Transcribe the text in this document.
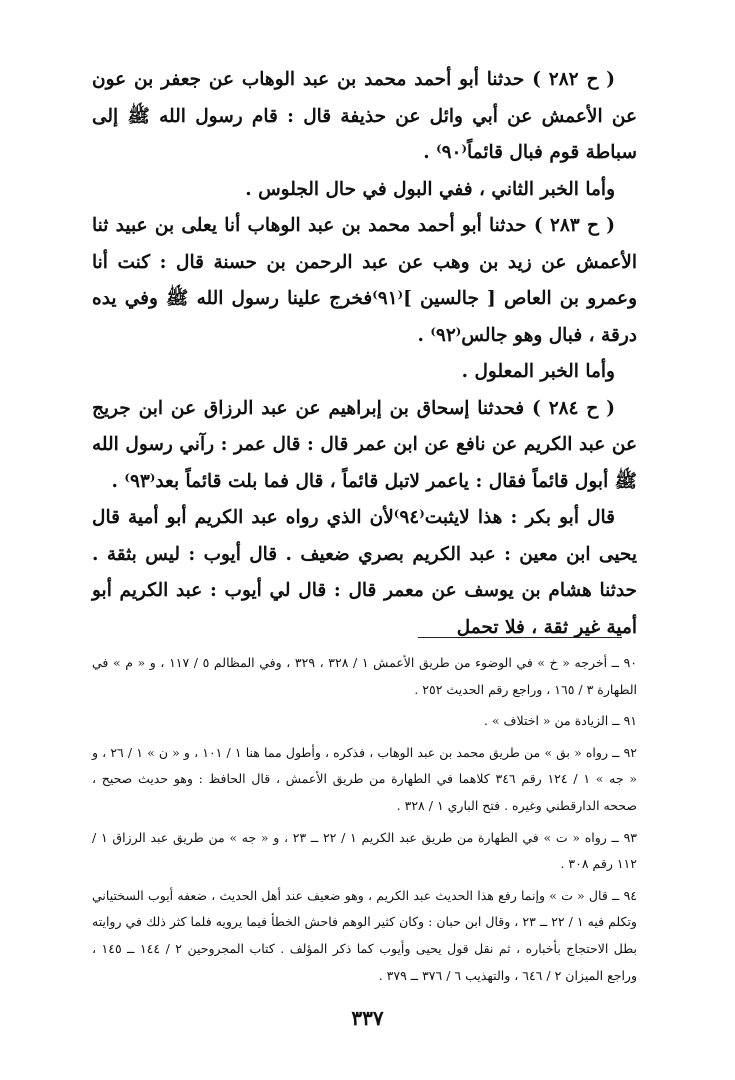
( ح ٢٨٢ ) حدثنا أبو أحمد محمد بن عبد الوهاب عن جعفر بن عون عن الأعمش عن أبي وائل عن حذيفة قال : قام رسول الله ﷺ إلى سباطة قوم فبال قائماً⁽٩٠⁾ .

وأما الخبر الثاني ، ففي البول في حال الجلوس .

( ح ٢٨٣ ) حدثنا أبو أحمد محمد بن عبد الوهاب أنا يعلى بن عبيد ثنا الأعمش عن زيد بن وهب عن عبد الرحمن بن حسنة قال : كنت أنا وعمرو بن العاص [ جالسين ]⁽٩١⁾فخرج علينا رسول الله ﷺ وفي يده درقة ، فبال وهو جالس⁽٩٢⁾ .

وأما الخبر المعلول .

( ح ٢٨٤ ) فحدثنا إسحاق بن إبراهيم عن عبد الرزاق عن ابن جريج عن عبد الكريم عن نافع عن ابن عمر قال : قال عمر : رآني رسول الله ﷺ أبول قائماً فقال : ياعمر لاتبل قائماً ، قال فما بلت قائماً بعد⁽٩٣⁾ .

قال أبو بكر : هذا لايثبت⁽٩٤⁾لأن الذي رواه عبد الكريم أبو أمية قال يحيى ابن معين : عبد الكريم بصري ضعيف . قال أيوب : ليس بثقة . حدثنا هشام بن يوسف عن معمر قال : قال لي أيوب : عبد الكريم أبو أمية غير ثقة ، فلا تحمل

٩٠ ــ أخرجه « خ » في الوضوء من طريق الأعمش ١ / ٣٢٨ ، ٣٢٩ ، وفي المظالم ٥ / ١١٧ ، و « م » في الطهارة ٣ / ١٦٥ ، وراجع رقم الحديث ٢٥٢ .

٩١ ــ الزيادة من « اختلاف » .

٩٢ ــ رواه « بق » من طريق محمد بن عبد الوهاب ، فذكره ، وأطول مما هنا ١ / ١٠١ ، و « ن » ١ / ٢٦ ، و « جه » ١ / ١٢٤ رقم ٣٤٦ كلاهما في الطهارة من طريق الأعمش ، قال الحافظ : وهو حديث صحيح ، صححه الدارقطني وغيره . فتح الباري ١ / ٣٢٨ .

٩٣ ــ رواه « ت » في الطهارة من طريق عبد الكريم ١ / ٢٢ ــ ٢٣ ، و « جه » من طريق عبد الرزاق ١ / ١١٢ رقم ٣٠٨ .

٩٤ ــ قال « ت » وإنما رفع هذا الحديث عبد الكريم ، وهو ضعيف عند أهل الحديث ، ضعفه أيوب السختياني وتكلم فيه ١ / ٢٢ ــ ٢٣ ، وقال ابن حبان : وكان كثير الوهم فاحش الخطأ فيما يرويه فلما كثر ذلك في روايته بطل الاحتجاج بأخباره ، ثم نقل قول يحيى وأيوب كما ذكر المؤلف . كتاب المجروحين ٢ / ١٤٤ ــ ١٤٥ ، وراجع الميزان ٢ / ٦٤٦ ، والتهذيب ٦ / ٣٧٦ ــ ٣٧٩ .

٣٣٧
